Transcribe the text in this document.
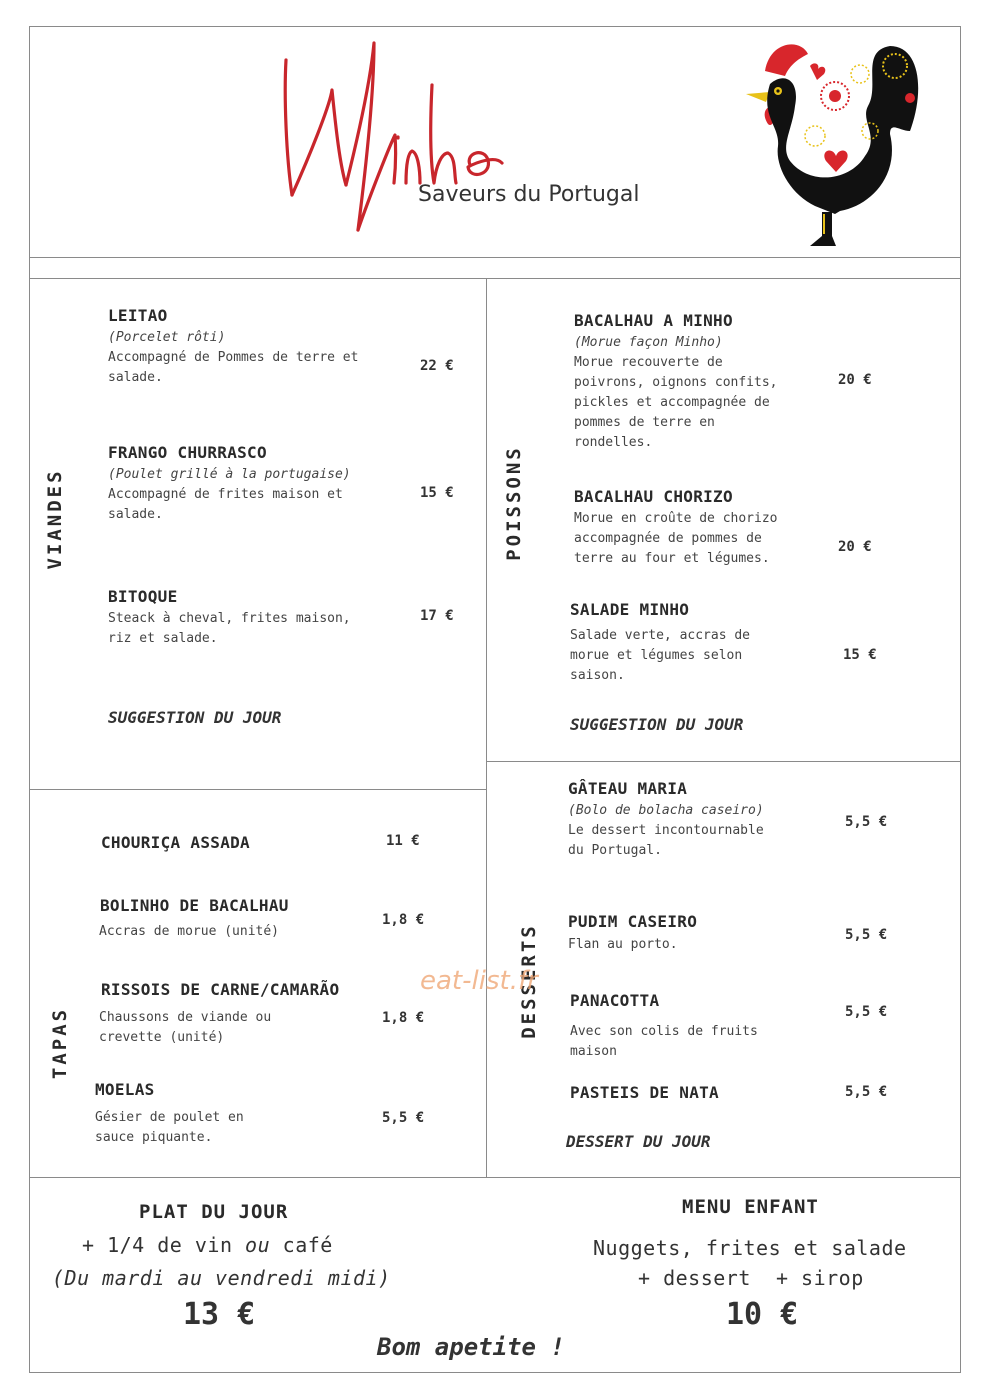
Saveurs du Portugal
VIANDES	POISSONS
TAPAS
DESSERTS
LEITAO
(Porcelet rôti)
Accompagné de Pommes de terre et
salade.
22 €
FRANGO CHURRASCO
(Poulet grillé à la portugaise)
Accompagné de frites maison et
salade.
15 €
BITOQUE
Steack à cheval, frites maison,
riz et salade.
17 €
SUGGESTION DU JOUR
BACALHAU A MINHO
(Morue façon Minho)
Morue recouverte de
poivrons, oignons confits,
pickles et accompagnée de
pommes de terre en
rondelles.
20 €
BACALHAU CHORIZO
Morue en croûte de chorizo
accompagnée de pommes de
terre au four et légumes.
20 €
SALADE MINHO
Salade verte, accras de
morue et légumes selon
saison.
15 €
SUGGESTION DU JOUR
CHOURIÇA ASSADA	11 €
BOLINHO DE BACALHAU
Accras de morue (unité)
1,8 €
RISSOIS DE CARNE/CAMARÃO
Chaussons de viande ou
crevette (unité)
1,8 €
MOELAS
Gésier de poulet en
sauce piquante.
5,5 €
GÂTEAU MARIA
(Bolo de bolacha caseiro)
Le dessert incontournable
du Portugal.
5,5 €
PUDIM CASEIRO
Flan au porto.
5,5 €
PANACOTTA
Avec son colis de fruits
maison
5,5 €
PASTEIS DE NATA	5,5 €
DESSERT DU JOUR
eat-list.fr
PLAT DU JOUR
+ 1/4 de vin ou café
(Du mardi au vendredi midi)
13 €
MENU ENFANT
Nuggets, frites et salade
+ dessert  + sirop
10 €
Bom apetite !
